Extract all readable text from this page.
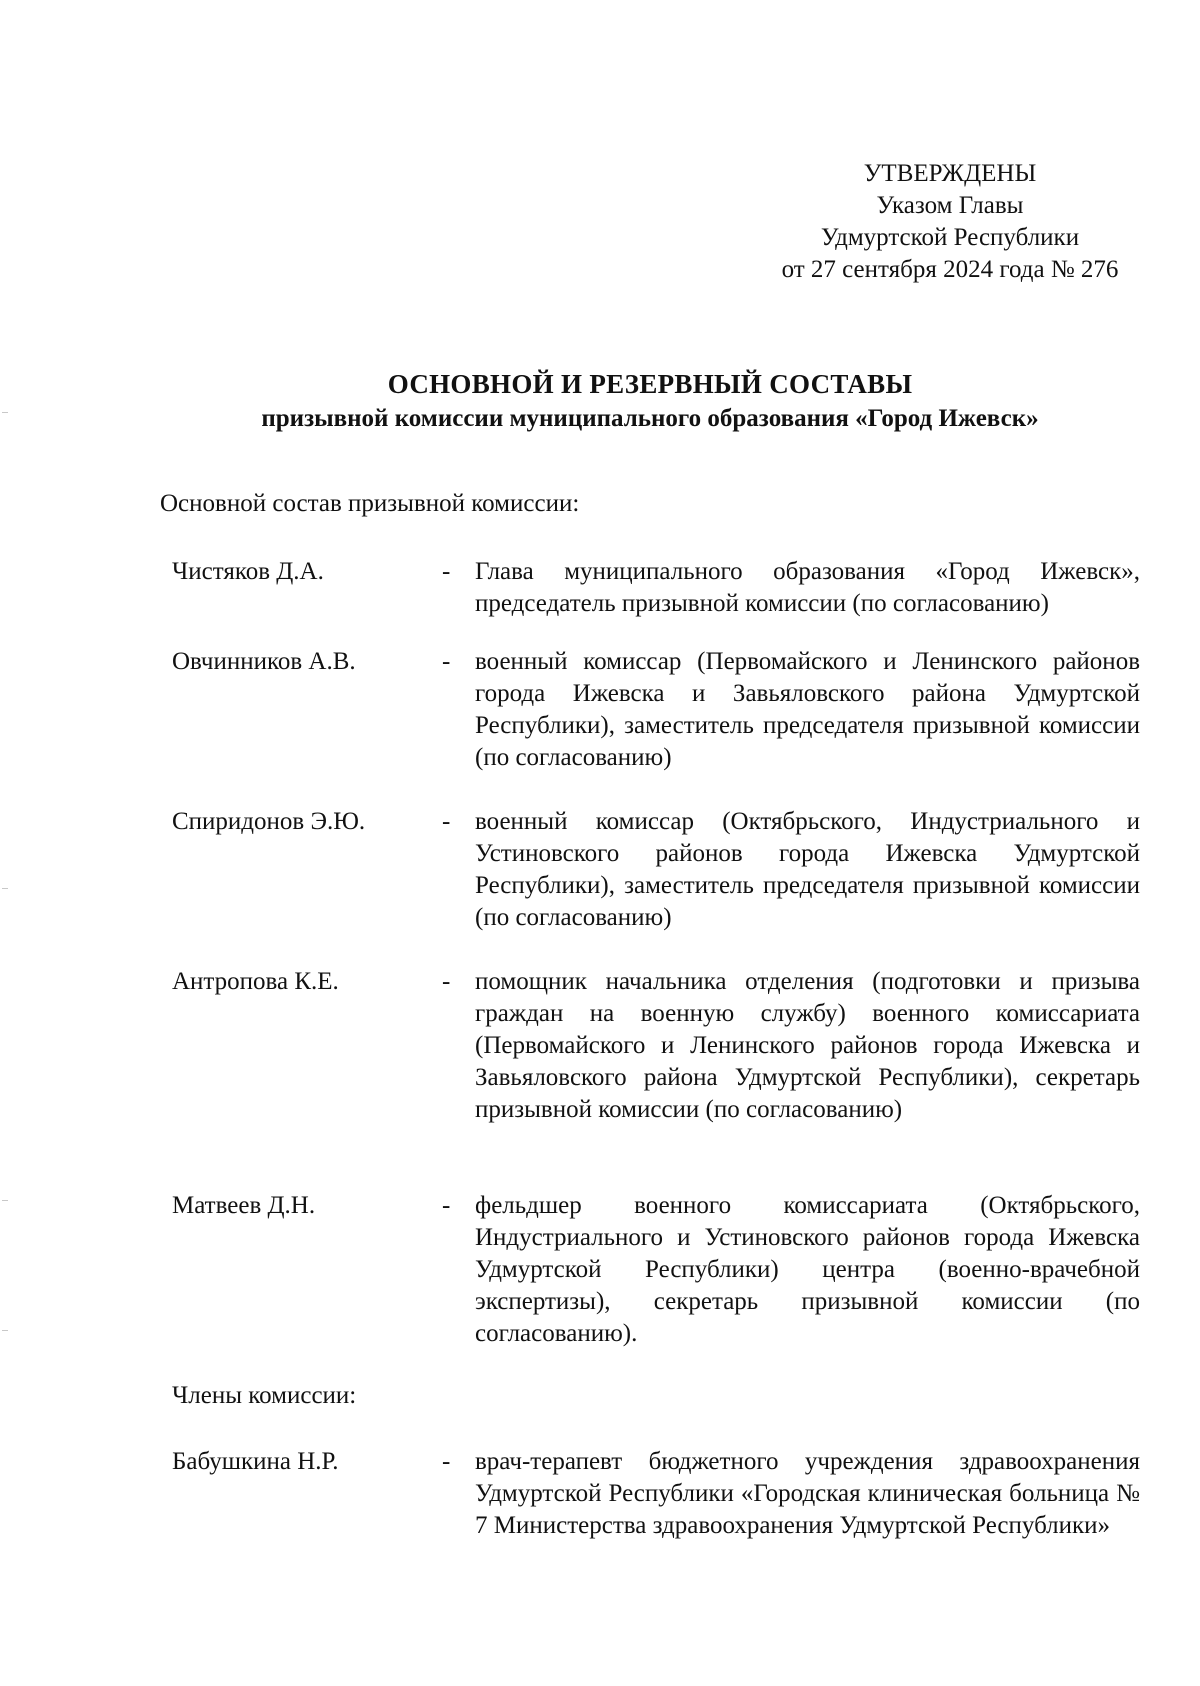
УТВЕРЖДЕНЫ
Указом Главы
Удмуртской Республики
от 27 сентября 2024 года № 276
ОСНОВНОЙ И РЕЗЕРВНЫЙ СОСТАВЫ
призывной комиссии муниципального образования «Город Ижевск»
Основной состав призывной комиссии:
Чистяков Д.А.	- Глава муниципального образования «Город Ижевск», председатель призывной комиссии (по согласованию)
Овчинников А.В.	- военный комиссар (Первомайского и Ленинского районов города Ижевска и Завьяловского района Удмуртской Республики), заместитель председателя призывной комиссии (по согласованию)
Спиридонов Э.Ю.	- военный комиссар (Октябрьского, Индустриального и Устиновского районов города Ижевска Удмуртской Республики), заместитель председателя призывной комиссии (по согласованию)
Антропова К.Е.	- помощник начальника отделения (подготовки и призыва граждан на военную службу) военного комиссариата (Первомайского и Ленинского районов города Ижевска и Завьяловского района Удмуртской Республики), секретарь призывной комиссии (по согласованию)
Матвеев Д.Н.	- фельдшер военного комиссариата (Октябрьского, Индустриального и Устиновского районов города Ижевска Удмуртской Республики) центра (военно-врачебной экспертизы), секретарь призывной комиссии (по согласованию).
Члены комиссии:
Бабушкина Н.Р.	- врач-терапевт бюджетного учреждения здравоохранения Удмуртской Республики «Городская клиническая больница № 7 Министерства здравоохранения Удмуртской Республики»
